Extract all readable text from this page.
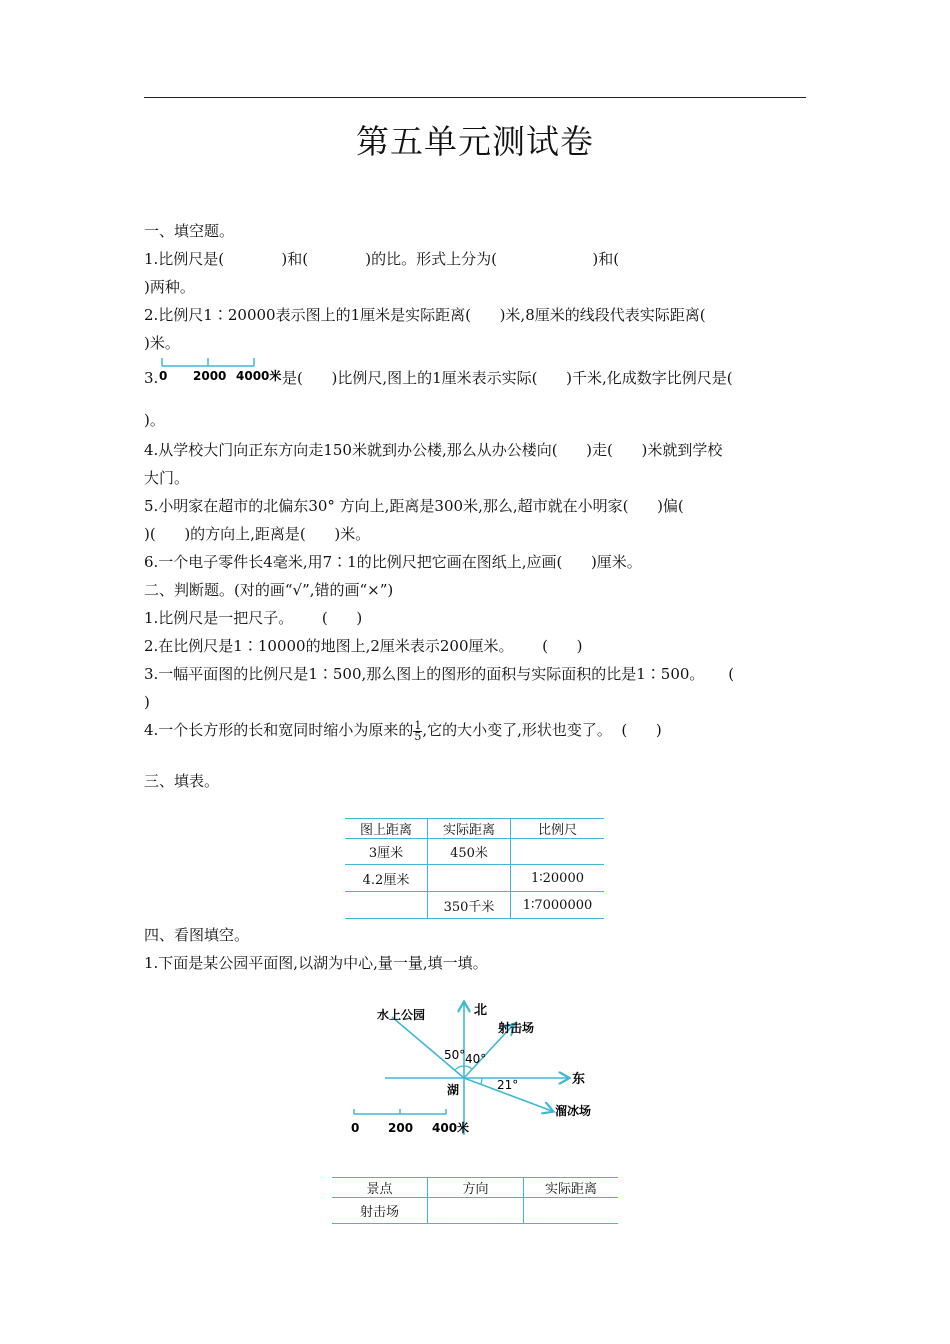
第五单元测试卷
一、填空题。
1.比例尺是(            )和(            )的比。形式上分为(                    )和(
)两种。
2.比例尺1∶20000表示图上的1厘米是实际距离(      )米,8厘米的线段代表实际距离(
)米。
3. 0 2000 4000米 是(      )比例尺,图上的1厘米表示实际(      )千米,化成数字比例尺是(
)。
4.从学校大门向正东方向走150米就到办公楼,那么从办公楼向(      )走(      )米就到学校
大门。
5.小明家在超市的北偏东30° 方向上,距离是300米,那么,超市就在小明家(      )偏(
)(      )的方向上,距离是(      )米。
6.一个电子零件长4毫米,用7∶1的比例尺把它画在图纸上,应画(      )厘米。
二、判断题。(对的画“√”,错的画“×”)
1.比例尺是一把尺子。      (      )
2.在比例尺是1∶10000的地图上,2厘米表示200厘米。      (      )
3.一幅平面图的比例尺是1∶500,那么图上的图形的面积与实际面积的比是1∶500。     (
)
4.一个长方形的长和宽同时缩小为原来的 $\frac{1}{5}$ ,它的大小变了,形状也变了。  (      )
三、填表。
图上距离	实际距离	比例尺
3厘米	450米	
4.2厘米		1∶20000
	350千米	1∶7000000
四、看图填空。
1.下面是某公园平面图,以湖为中心,量一量,填一填。
北
东
湖
水上公园
射击场
溜冰场
50° 40°
21°
0 200 400米
景点	方向	实际距离
射击场		
